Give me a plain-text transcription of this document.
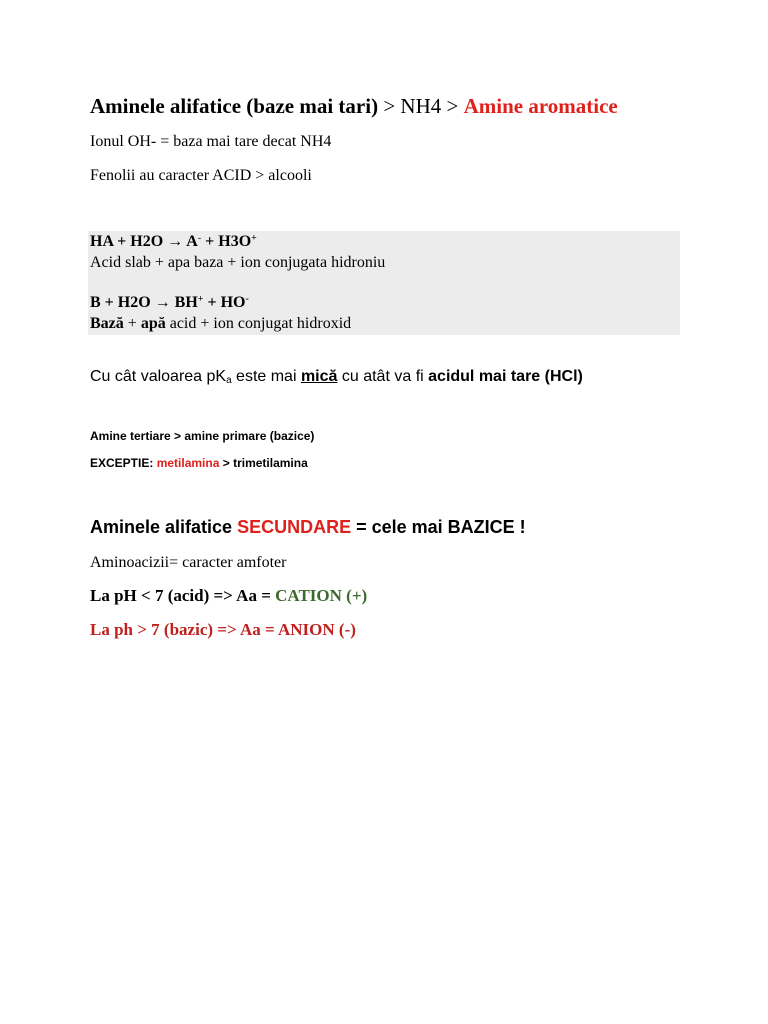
Aminele alifatice (baze mai tari) > NH4 > Amine aromatice
Ionul OH- = baza mai tare decat NH4
Fenolii au caracter ACID > alcooli
HA + H2O → A- + H3O+
Acid slab + apa baza + ion conjugata hidroniu
B + H2O → BH+ + HO-
Bază + apă acid + ion conjugat hidroxid
Cu cât valoarea $pK_a$ este mai mică cu atât va fi acidul mai tare (HCl)
Amine tertiare > amine primare (bazice)
EXCEPTIE: metilamina > trimetilamina
Aminele alifatice SECUNDARE = cele mai BAZICE !
Aminoacizii= caracter amfoter
La pH < 7 (acid) => Aa = CATION (+)
La ph > 7 (bazic) => Aa = ANION (-)
